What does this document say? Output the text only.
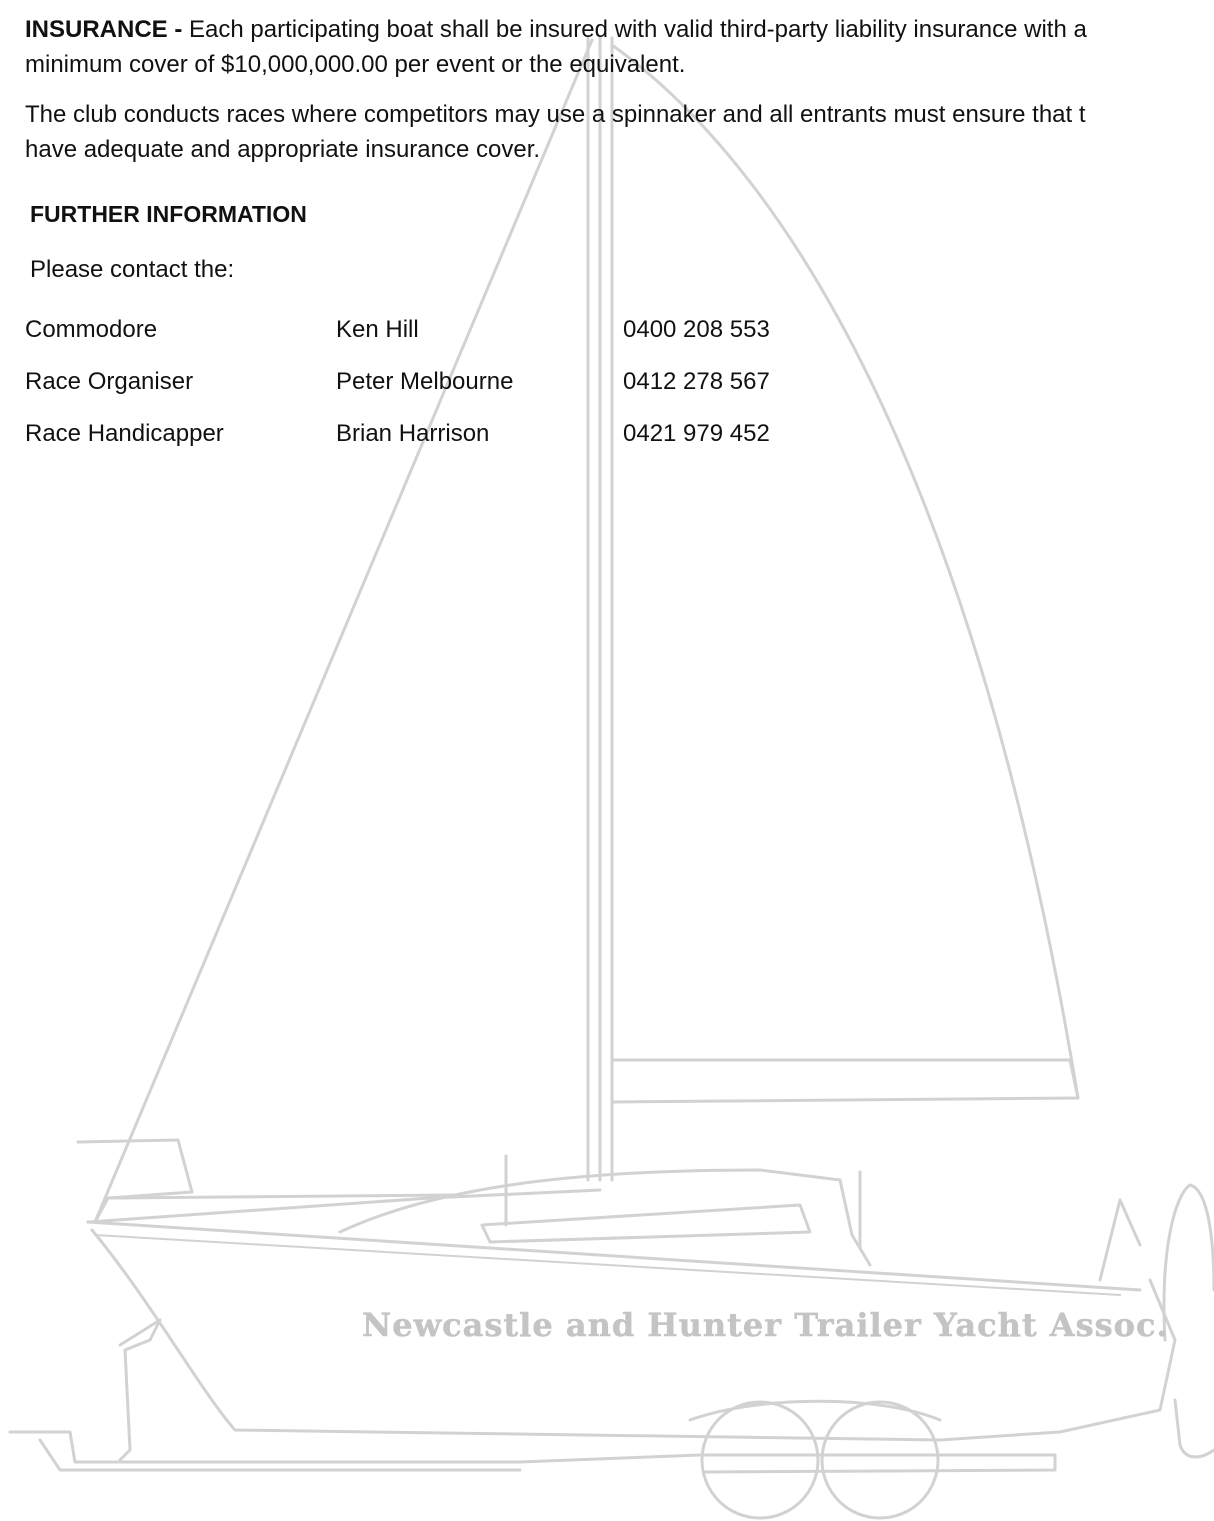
Newcastle and Hunter Trailer Yacht Assoc.
INSURANCE - Each participating boat shall be insured with valid third-party liability insurance with a
minimum cover of $10,000,000.00 per event or the equivalent.
The club conducts races where competitors may use a spinnaker and all entrants must ensure that t
have adequate and appropriate insurance cover.
FURTHER INFORMATION
Please contact the:
Commodore	Ken Hill	0400 208 553
Race Organiser	Peter Melbourne	0412 278 567
Race Handicapper	Brian Harrison	0421 979 452
